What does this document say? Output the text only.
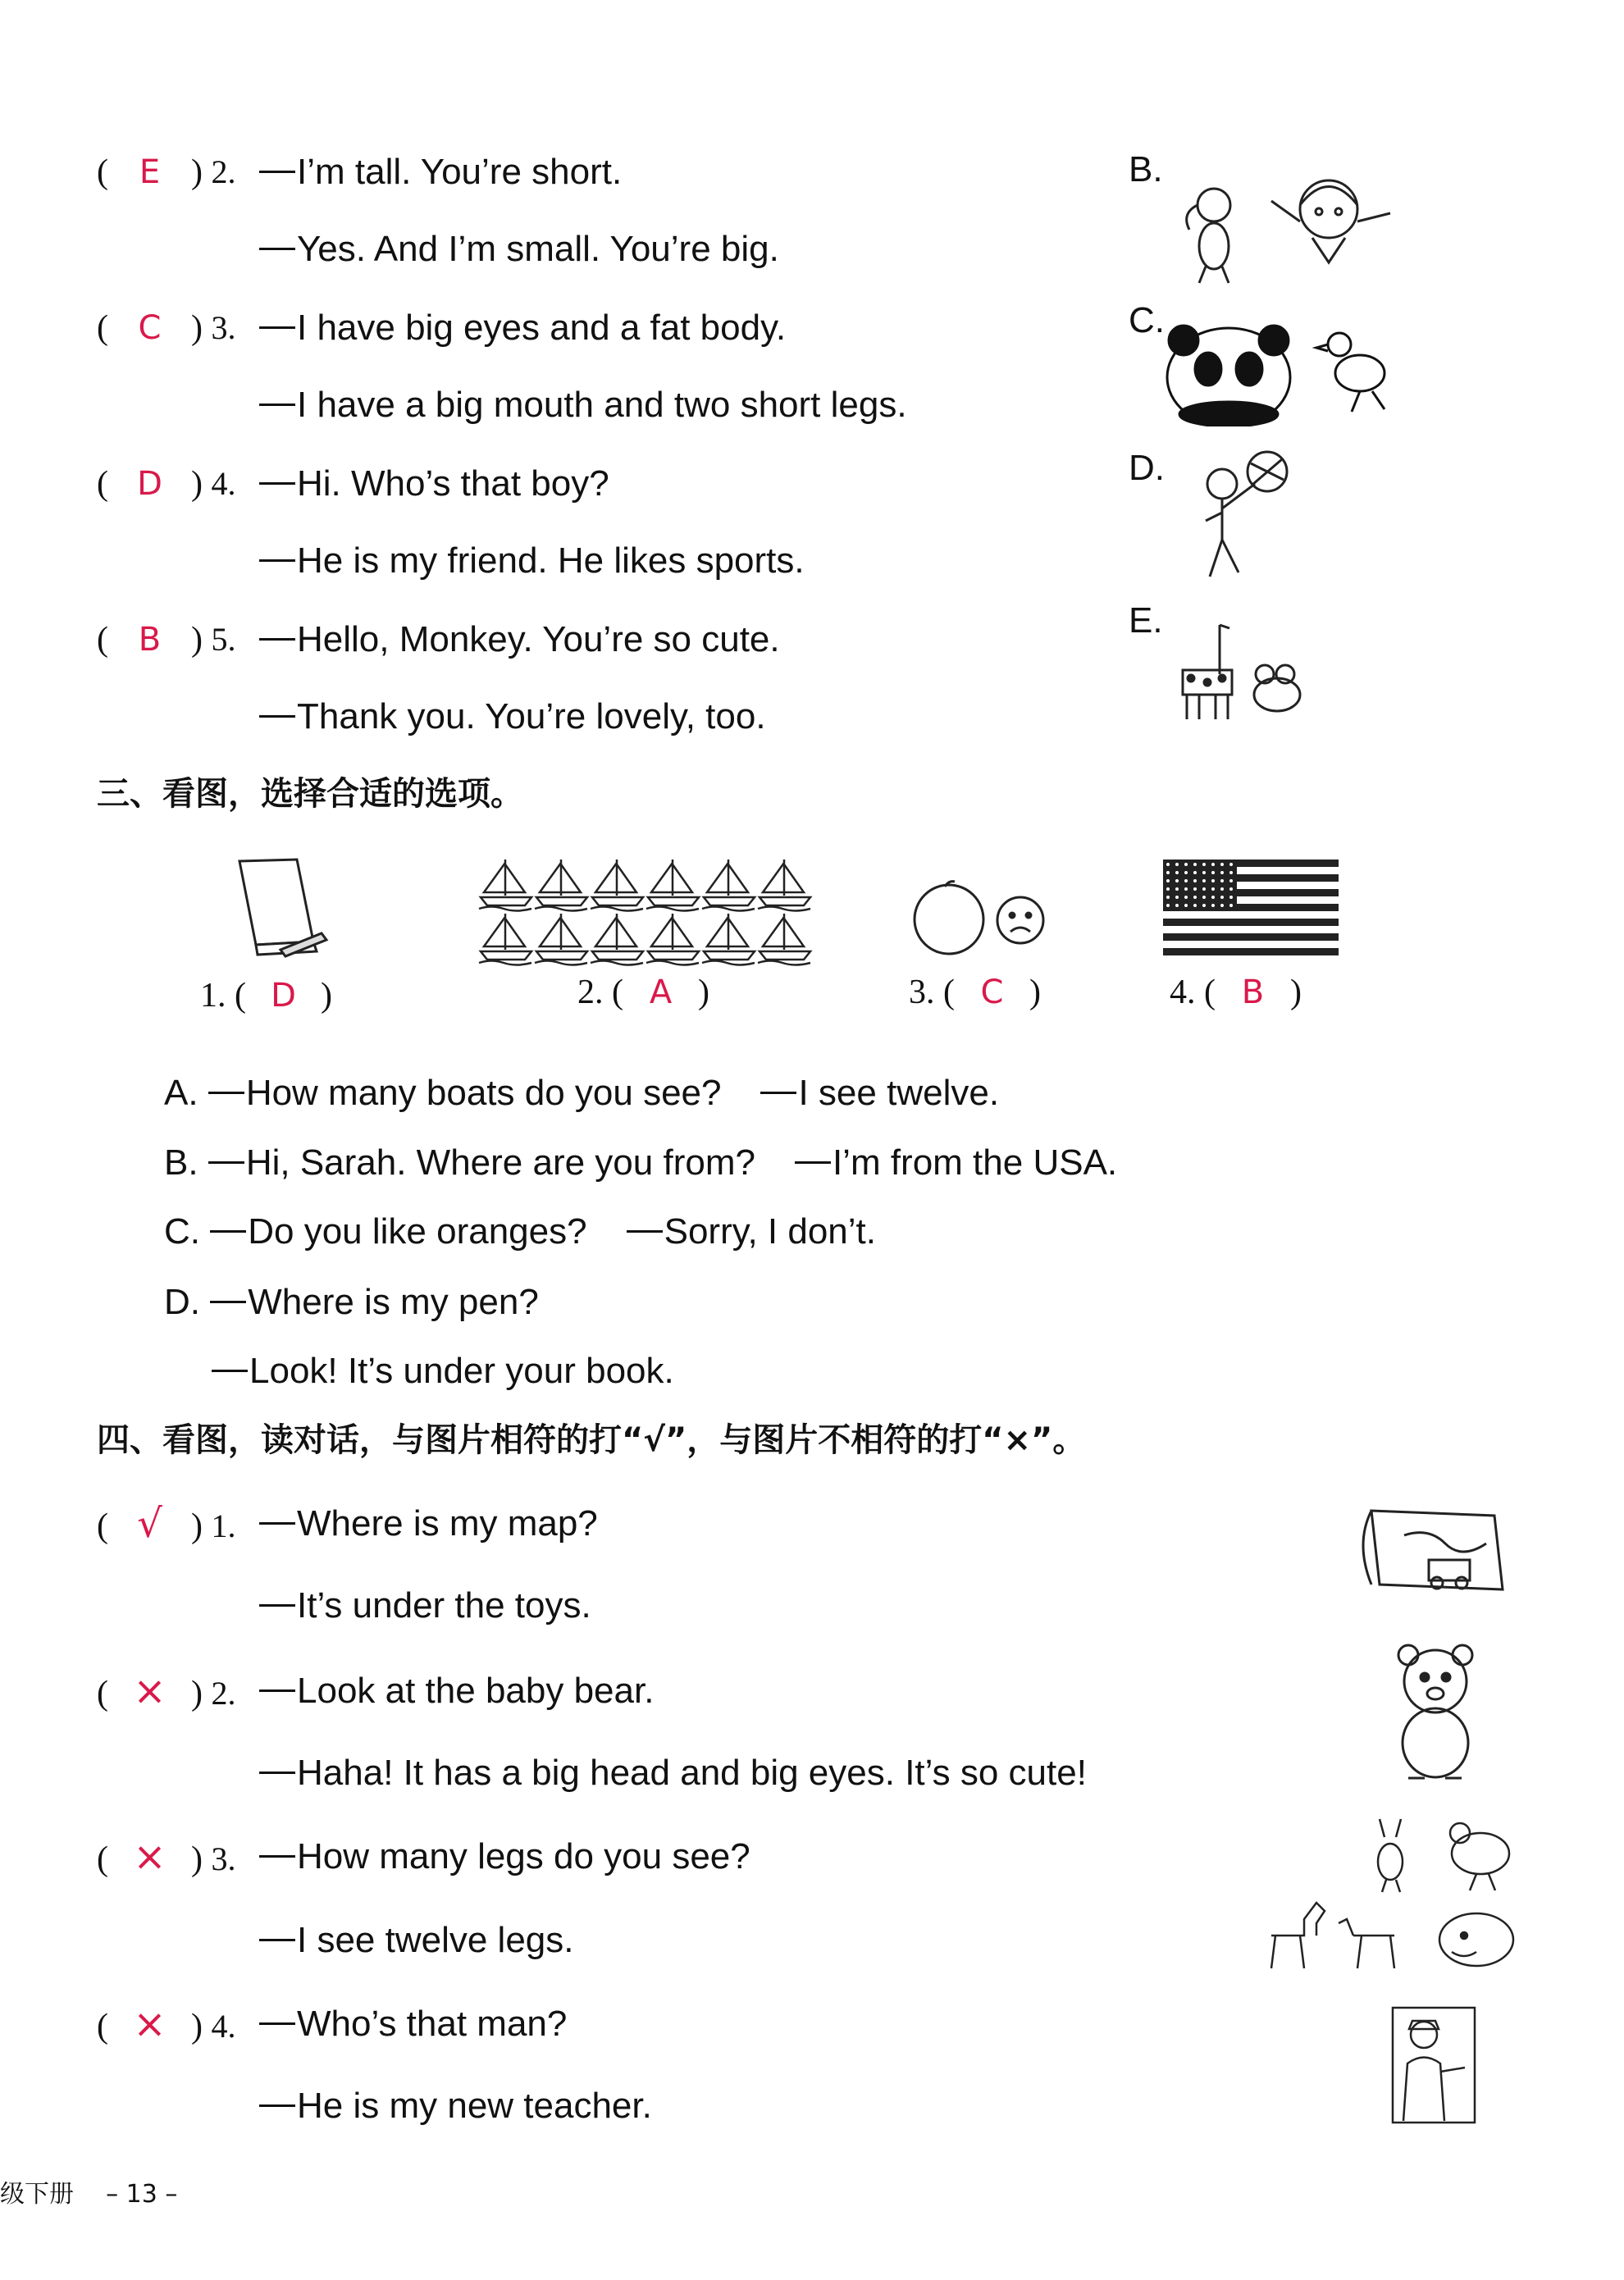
( E ) 2.	I’m tall. You’re short.
Yes. And I’m small. You’re big.
( C ) 3.	I have big eyes and a fat body.
I have a big mouth and two short legs.
( D ) 4.	Hi. Who’s that boy?
He is my friend. He likes sports.
( B ) 5.	Hello, Monkey. You’re so cute.
Thank you. You’re lovely, too.
B.
C.
D.
E.
三、看图，选择合适的选项。
1. ( D )	2. ( A )	3. ( C )	4. ( B )
A. How many boats do you see? I see twelve.
B. Hi, Sarah. Where are you from? I’m from the USA.
C. Do you like oranges? Sorry, I don’t.
D. Where is my pen?
Look! It’s under your book.
四、看图，读对话，与图片相符的打“√”，与图片不相符的打“×”。
( √ ) 1.	Where is my map?
It’s under the toys.
( × ) 2.	Look at the baby bear.
Haha! It has a big head and big eyes. It’s so cute!
( × ) 3.	How many legs do you see?
I see twelve legs.
( × ) 4.	Who’s that man?
He is my new teacher.
级下册 – 13 –
